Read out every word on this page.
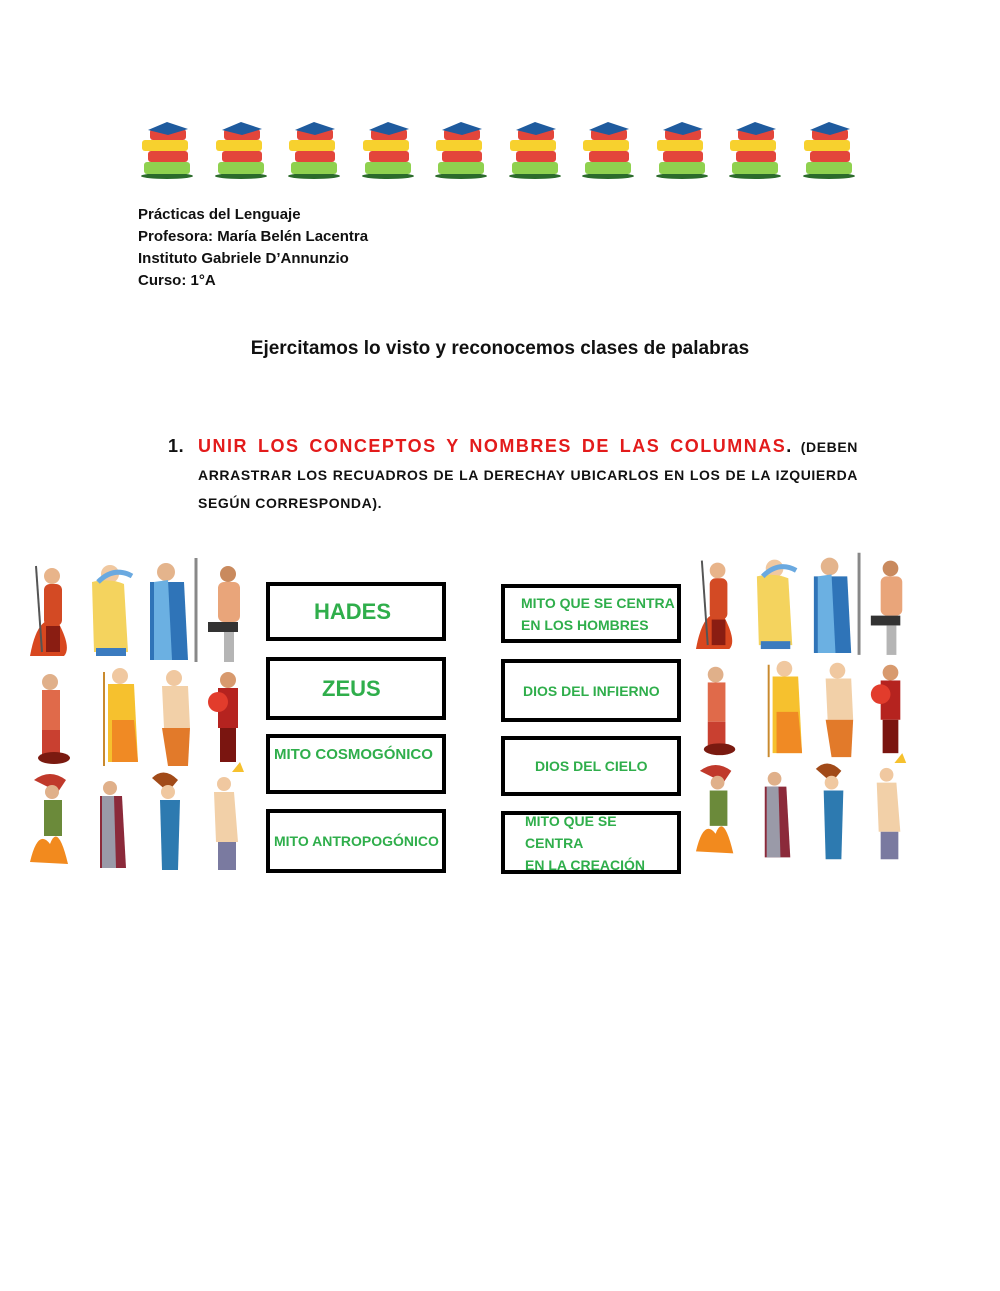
Prácticas del Lenguaje
Profesora: María Belén Lacentra
Instituto Gabriele D’Annunzio
Curso: 1°A
Ejercitamos lo visto y reconocemos clases de palabras
1. UNIR LOS CONCEPTOS Y NOMBRES DE LAS COLUMNAS. (DEBEN ARRASTRAR LOS RECUADROS DE LA DERECHAY UBICARLOS EN LOS DE LA IZQUIERDA SEGÚN CORRESPONDA).
HADES
ZEUS
MITO COSMOGÓNICO
MITO ANTROPOGÓNICO
MITO QUE SE CENTRA
EN LOS HOMBRES
DIOS DEL INFIERNO
DIOS DEL CIELO
MITO QUE SE CENTRA
EN LA CREACIÓN
